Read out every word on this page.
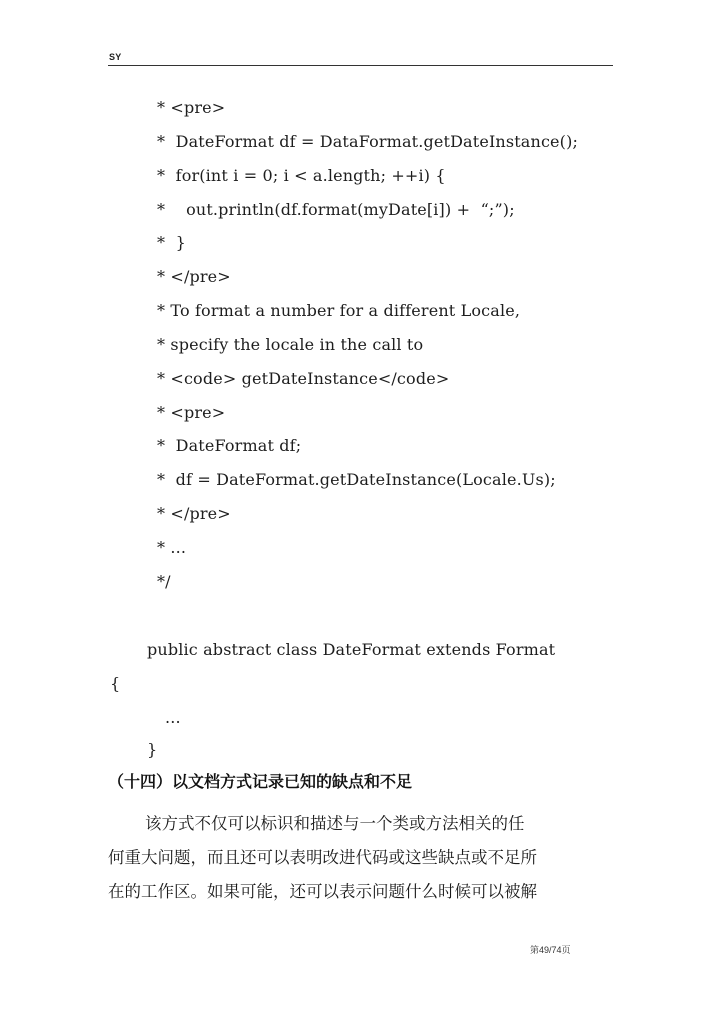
SY
* <pre>
*  DateFormat df = DataFormat.getDateInstance();
*  for(int i = 0; i < a.length; ++i) {
*    out.println(df.format(myDate[i]) +  “;”);
*  }
* </pre>
* To format a number for a different Locale,
* specify the locale in the call to
* <code> getDateInstance</code>
* <pre>
*  DateFormat df;
*  df = DateFormat.getDateInstance(Locale.Us);
* </pre>
* ...
*/
public abstract class DateFormat extends Format
{
...
}
（十四）以文档方式记录已知的缺点和不足
该方式不仅可以标识和描述与一个类或方法相关的任
何重大问题，而且还可以表明改进代码或这些缺点或不足所
在的工作区。如果可能，还可以表示问题什么时候可以被解
第49/74页
